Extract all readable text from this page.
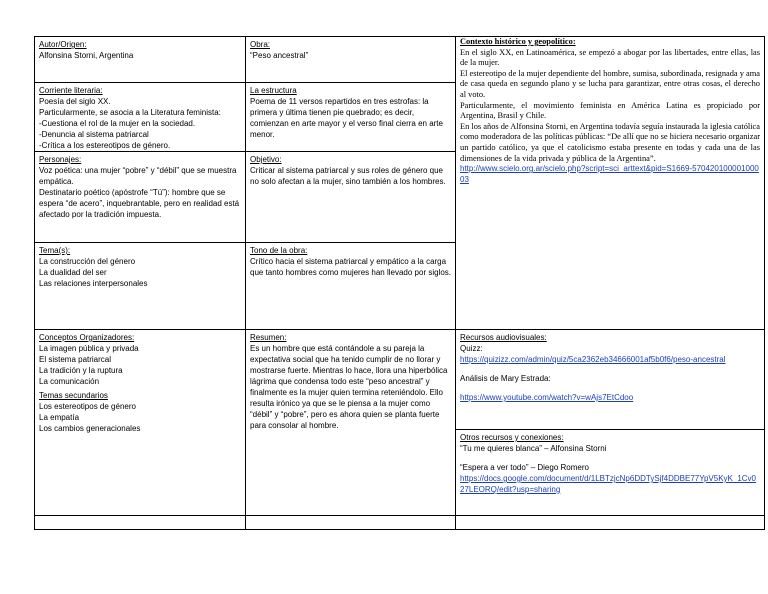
Autor/Origen:
Alfonsina Storni, Argentina
Corriente literaria:
Poesía del siglo XX.
Particularmente, se asocia a la Literatura feminista:
-Cuestiona el rol de la mujer en la sociedad.
-Denuncia al sistema patriarcal
-Crítica a los estereotipos de género.
Personajes:
Voz poética: una mujer “pobre” y “débil” que se muestra empática.
Destinatario poético (apóstrofe “Tú”): hombre que se espera “de acero”, inquebrantable, pero en realidad está afectado por la tradición impuesta.
Tema(s):
La construcción del género
La dualidad del ser
Las relaciones interpersonales
Conceptos Organizadores:
La imagen pública y privada
El sistema patriarcal
La tradición y la ruptura
La comunicación
Temas secundarios
Los estereotipos de género
La empatía
Los cambios generacionales
Obra:
“Peso ancestral”
La estructura
Poema de 11 versos repartidos en tres estrofas: la primera y última tienen pie quebrado; es decir, comienzan en arte mayor y el verso final cierra en arte menor.
Objetivo:
Criticar al sistema patriarcal y sus roles de género que no solo afectan a la mujer, sino también a los hombres.
Tono de la obra:
Crítico hacia el sistema patriarcal y empático a la carga que tanto hombres como mujeres han llevado por siglos.
Resumen:
Es un hombre que está contándole a su pareja la expectativa social que ha tenido cumplir de no llorar y mostrarse fuerte. Mientras lo hace, llora una hiperbólica lágrima que condensa todo este “peso ancestral” y finalmente es la mujer quien termina reteniéndolo. Ello resulta irónico ya que se le piensa a la mujer como “débil” y “pobre”, pero es ahora quien se planta fuerte para consolar al hombre.
Contexto histórico y geopolítico:
En el siglo XX, en Latinoamérica, se empezó a abogar por las libertades, entre ellas, las de la mujer.
El estereotipo de la mujer dependiente del hombre, sumisa, subordinada, resignada y ama de casa queda en segundo plano y se lucha para garantizar, entre otras cosas, el derecho al voto.
Particularmente, el movimiento feminista en América Latina es propiciado por Argentina, Brasil y Chile.
En los años de Alfonsina Storni, en Argentina todavía seguía instaurada la iglesia católica como moderadora de las políticas públicas: “De allí que no se hiciera necesario organizar un partido católico, ya que el catolicismo estaba presente en todas y cada una de las dimensiones de la vida privada y pública de la Argentina”.
http://www.scielo.org.ar/scielo.php?script=sci_arttext&pid=S1669-57042010000100003
Recursos audiovisuales:
Quizz:
https://quizizz.com/admin/quiz/5ca2362eb34666001af5b0f6/peso-ancestral
Análisis de Mary Estrada:
https://www.youtube.com/watch?v=wAjs7EtCdoo
Otros recursos y conexiones:
“Tu me quieres blanca” – Alfonsina Storni
“Espera a ver todo” – Diego Romero
https://docs.google.com/document/d/1LBTzjcNp6DDTySjf4DDBE77YpV5KyK_1Cv027LEORQ/edit?usp=sharing
